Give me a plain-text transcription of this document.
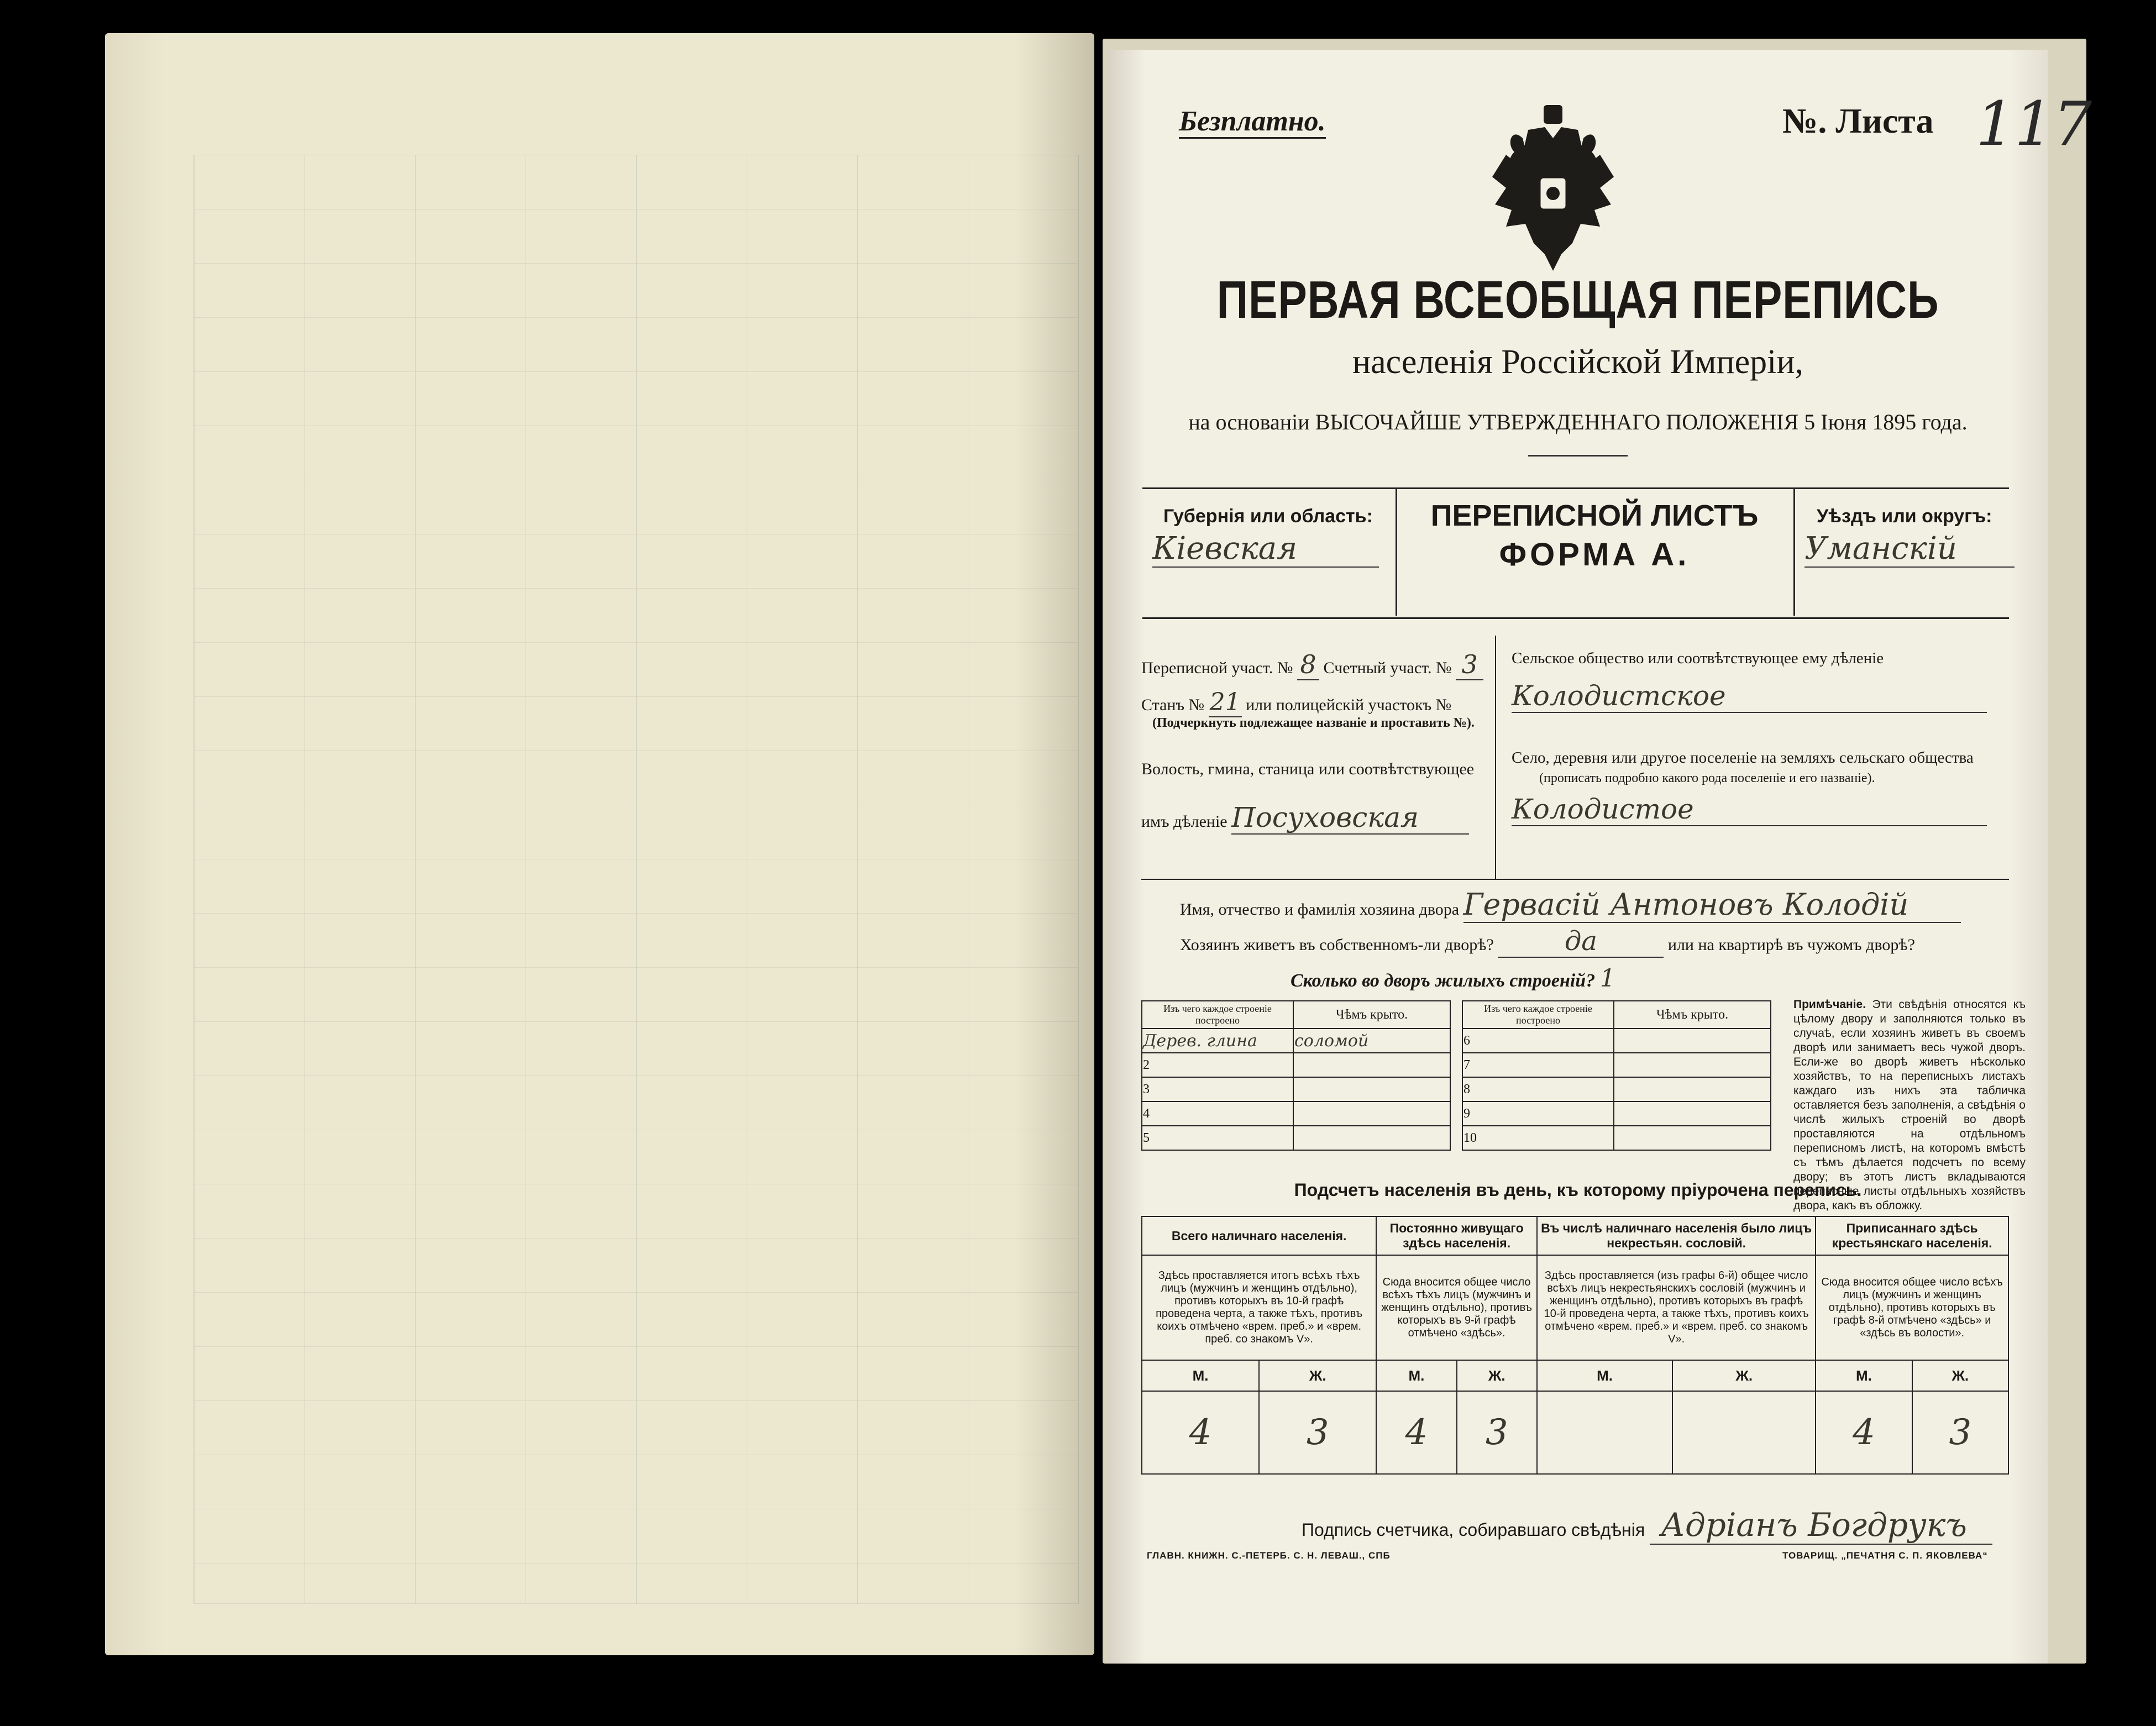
Безплатно.	№. Листа 117
ПЕРВАЯ ВСЕОБЩАЯ ПЕРЕПИСЬ
населенія Россійской Имперіи,
на основаніи ВЫСОЧАЙШЕ УТВЕРЖДЕННАГО ПОЛОЖЕНІЯ 5 Іюня 1895 года.
Губернія или область:
Кіевская
ПЕРЕПИСНОЙ ЛИСТЪ
ФОРМА А.
Уѣздъ или округъ:
Уманскій
Переписной участ. № 8 Счетный участ. № 3
Станъ № 21 или полицейскій участокъ №
(Подчеркнуть подлежащее названіе и проставить №).
Волость, гмина, станица или соотвѣтствующее
имъ дѣленіе Посуховская
Сельское общество или соотвѣтствующее ему дѣленіе
Колодистское
Село, деревня или другое поселеніе на земляхъ сельскаго общества
(прописать подробно какого рода поселеніе и его названіе).
Колодистое
Имя, отчество и фамилія хозяина двора Гервасій Антоновъ Колодій
Хозяинъ живетъ въ собственномъ-ли дворѣ?	да	или на квартирѣ въ чужомъ дворѣ?
Сколько во дворъ жилыхъ строеній? 1
Изъ чего каждое строеніе построено	Чѣмъ крыто.
Дерев. глина	соломой
2	
3	
4	
5	
Изъ чего каждое строеніе построено	Чѣмъ крыто.
6	
7	
8	
9	
10	
Примѣчаніе. Эти свѣдѣнія относятся къ цѣлому двору и заполняются только въ случаѣ, если хозяинъ живетъ въ своемъ дворѣ или занимаетъ весь чужой дворъ. Если-же во дворѣ живетъ нѣсколько хозяйствъ, то на переписныхъ листахъ каждаго изъ нихъ эта табличка оставляется безъ заполненія, а свѣдѣнія о числѣ жилыхъ строеній во дворѣ проставляются на отдѣльномъ переписномъ листѣ, на которомъ вмѣстѣ съ тѣмъ дѣлается подсчетъ по всему двору; въ этотъ листъ вкладываются переписные листы отдѣльныхъ хозяйствъ двора, какъ въ обложку.
Подсчетъ населенія въ день, къ которому пріурочена перепись.
Всего наличнаго населенія.		Постоянно живущаго здѣсь населенія.		Въ числѣ наличнаго населенія было лицъ некрестьян. сословій.		Приписаннаго здѣсь крестьянскаго населенія.	
Здѣсь проставляется итогъ всѣхъ тѣхъ лицъ (мужчинъ и женщинъ отдѣльно), противъ которыхъ въ 10-й графѣ проведена черта, а также тѣхъ, противъ коихъ отмѣчено «врем. преб.» и «врем. преб. со знакомъ V».		Сюда вносится общее число всѣхъ тѣхъ лицъ (мужчинъ и женщинъ отдѣльно), противъ которыхъ въ 9-й графѣ отмѣчено «здѣсь».		Здѣсь проставляется (изъ графы 6-й) общее число всѣхъ лицъ некрестьянскихъ сословій (мужчинъ и женщинъ отдѣльно), противъ которыхъ въ графѣ 10-й проведена черта, а также тѣхъ, противъ коихъ отмѣчено «врем. преб.» и «врем. преб. со знакомъ V».		Сюда вносится общее число всѣхъ лицъ (мужчинъ и женщинъ отдѣльно), противъ которыхъ въ графѣ 8-й отмѣчено «здѣсь» и «здѣсь въ волости».	
М.	Ж.	М.	Ж.	М.	Ж.	М.	Ж.
4	3	4	3			4	3
Подпись счетчика, собиравшаго свѣдѣнія Адріанъ Богдрукъ
ГЛАВН. КНИЖН. С.-ПЕТЕРБ. С. Н. ЛЕВАШ., СПБ	ТОВАРИЩ. „ПЕЧАТНЯ С. П. ЯКОВЛЕВА“
